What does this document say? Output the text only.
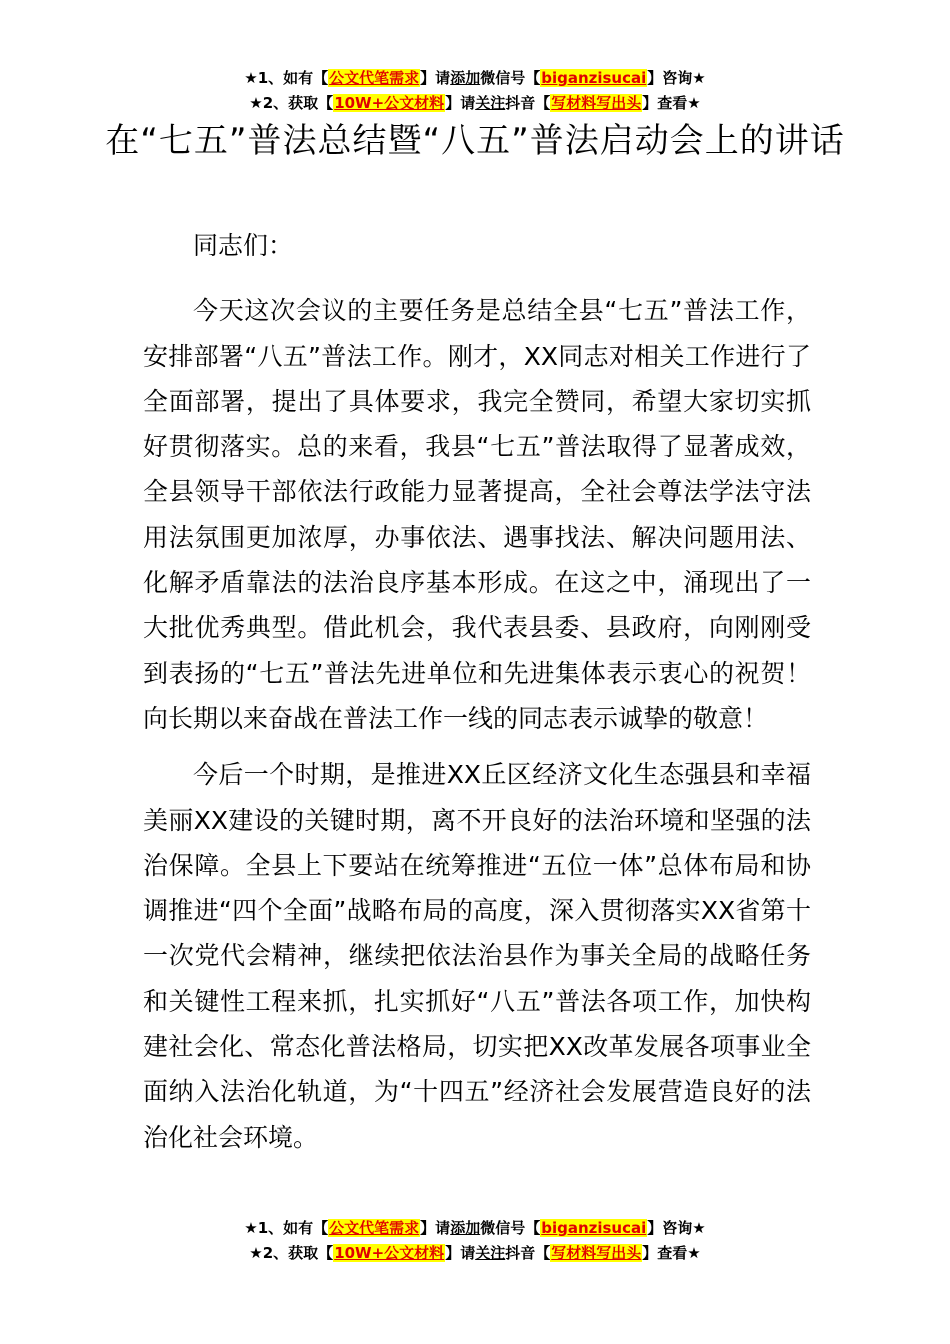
★1、如有【公文代笔需求】请添加微信号【biganzisucai】咨询★
★2、获取【10W+公文材料】请关注抖音【写材料写出头】查看★
在“七五”普法总结暨“八五”普法启动会上的讲话

同志们：

今天这次会议的主要任务是总结全县“七五”普法工作，安排部署“八五”普法工作。刚才，XX同志对相关工作进行了全面部署，提出了具体要求，我完全赞同，希望大家切实抓好贯彻落实。总的来看，我县“七五”普法取得了显著成效，全县领导干部依法行政能力显著提高，全社会尊法学法守法用法氛围更加浓厚，办事依法、遇事找法、解决问题用法、化解矛盾靠法的法治良序基本形成。在这之中，涌现出了一大批优秀典型。借此机会，我代表县委、县政府，向刚刚受到表扬的“七五”普法先进单位和先进集体表示衷心的祝贺！向长期以来奋战在普法工作一线的同志表示诚挚的敬意！

今后一个时期，是推进XX丘区经济文化生态强县和幸福美丽XX建设的关键时期，离不开良好的法治环境和坚强的法治保障。全县上下要站在统筹推进“五位一体”总体布局和协调推进“四个全面”战略布局的高度，深入贯彻落实XX省第十一次党代会精神，继续把依法治县作为事关全局的战略任务和关键性工程来抓，扎实抓好“八五”普法各项工作，加快构建社会化、常态化普法格局，切实把XX改革发展各项事业全面纳入法治化轨道，为“十四五”经济社会发展营造良好的法治化社会环境。

★1、如有【公文代笔需求】请添加微信号【biganzisucai】咨询★
★2、获取【10W+公文材料】请关注抖音【写材料写出头】查看★
